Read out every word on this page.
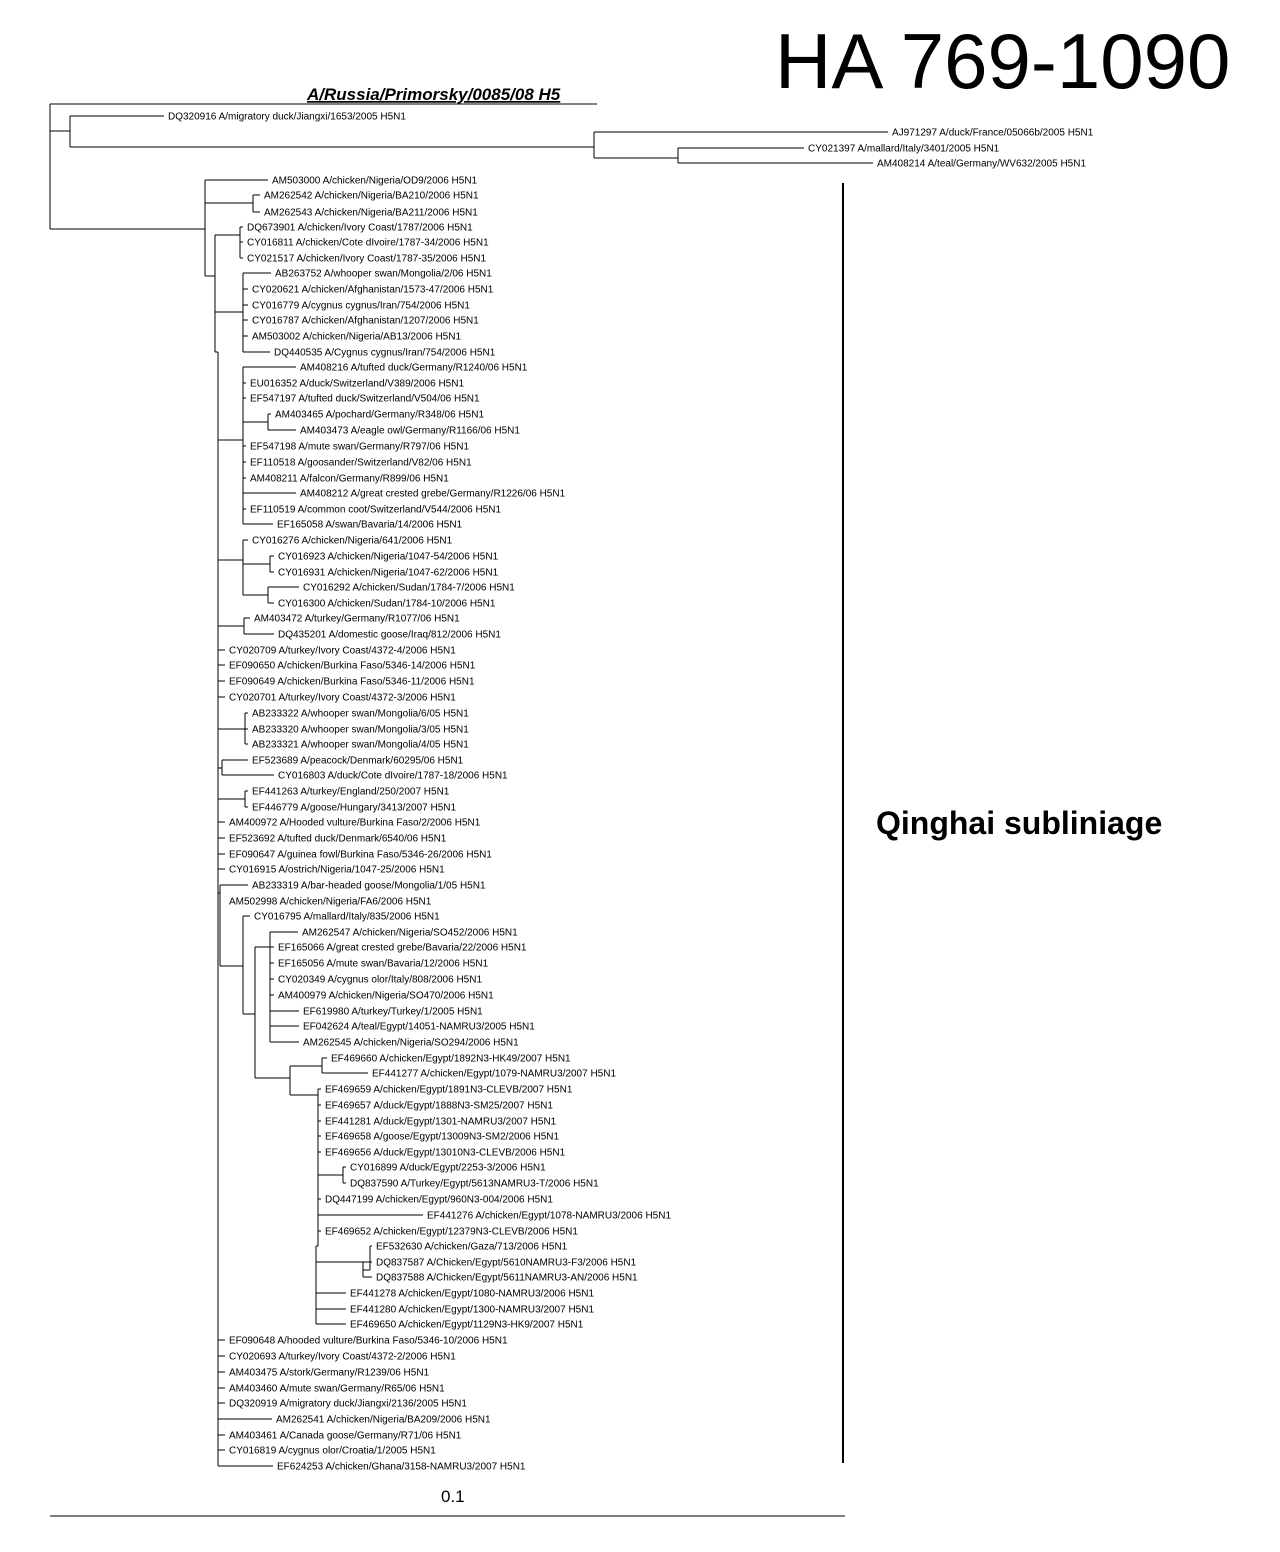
HA 769-1090
A/Russia/Primorsky/0085/08 H5
Qinghai subliniage
DQ320916 A/migratory duck/Jiangxi/1653/2005 H5N1
AJ971297 A/duck/France/05066b/2005 H5N1
CY021397 A/mallard/Italy/3401/2005 H5N1
AM408214 A/teal/Germany/WV632/2005 H5N1
AM503000 A/chicken/Nigeria/OD9/2006 H5N1
AM262542 A/chicken/Nigeria/BA210/2006 H5N1
AM262543 A/chicken/Nigeria/BA211/2006 H5N1
DQ673901 A/chicken/Ivory Coast/1787/2006 H5N1
CY016811 A/chicken/Cote dIvoire/1787-34/2006 H5N1
CY021517 A/chicken/Ivory Coast/1787-35/2006 H5N1
AB263752 A/whooper swan/Mongolia/2/06 H5N1
CY020621 A/chicken/Afghanistan/1573-47/2006 H5N1
CY016779 A/cygnus cygnus/Iran/754/2006 H5N1
CY016787 A/chicken/Afghanistan/1207/2006 H5N1
AM503002 A/chicken/Nigeria/AB13/2006 H5N1
DQ440535 A/Cygnus cygnus/Iran/754/2006 H5N1
AM408216 A/tufted duck/Germany/R1240/06 H5N1
EU016352 A/duck/Switzerland/V389/2006 H5N1
EF547197 A/tufted duck/Switzerland/V504/06 H5N1
AM403465 A/pochard/Germany/R348/06 H5N1
AM403473 A/eagle owl/Germany/R1166/06 H5N1
EF547198 A/mute swan/Germany/R797/06 H5N1
EF110518 A/goosander/Switzerland/V82/06 H5N1
AM408211 A/falcon/Germany/R899/06 H5N1
AM408212 A/great crested grebe/Germany/R1226/06 H5N1
EF110519 A/common coot/Switzerland/V544/2006 H5N1
EF165058 A/swan/Bavaria/14/2006 H5N1
CY016276 A/chicken/Nigeria/641/2006 H5N1
CY016923 A/chicken/Nigeria/1047-54/2006 H5N1
CY016931 A/chicken/Nigeria/1047-62/2006 H5N1
CY016292 A/chicken/Sudan/1784-7/2006 H5N1
CY016300 A/chicken/Sudan/1784-10/2006 H5N1
AM403472 A/turkey/Germany/R1077/06 H5N1
DQ435201 A/domestic goose/Iraq/812/2006 H5N1
CY020709 A/turkey/Ivory Coast/4372-4/2006 H5N1
EF090650 A/chicken/Burkina Faso/5346-14/2006 H5N1
EF090649 A/chicken/Burkina Faso/5346-11/2006 H5N1
CY020701 A/turkey/Ivory Coast/4372-3/2006 H5N1
AB233322 A/whooper swan/Mongolia/6/05 H5N1
AB233320 A/whooper swan/Mongolia/3/05 H5N1
AB233321 A/whooper swan/Mongolia/4/05 H5N1
EF523689 A/peacock/Denmark/60295/06 H5N1
CY016803 A/duck/Cote dIvoire/1787-18/2006 H5N1
EF441263 A/turkey/England/250/2007 H5N1
EF446779 A/goose/Hungary/3413/2007 H5N1
AM400972 A/Hooded vulture/Burkina Faso/2/2006 H5N1
EF523692 A/tufted duck/Denmark/6540/06 H5N1
EF090647 A/guinea fowl/Burkina Faso/5346-26/2006 H5N1
CY016915 A/ostrich/Nigeria/1047-25/2006 H5N1
AB233319 A/bar-headed goose/Mongolia/1/05 H5N1
AM502998 A/chicken/Nigeria/FA6/2006 H5N1
CY016795 A/mallard/Italy/835/2006 H5N1
AM262547 A/chicken/Nigeria/SO452/2006 H5N1
EF165066 A/great crested grebe/Bavaria/22/2006 H5N1
EF165056 A/mute swan/Bavaria/12/2006 H5N1
CY020349 A/cygnus olor/Italy/808/2006 H5N1
AM400979 A/chicken/Nigeria/SO470/2006 H5N1
EF619980 A/turkey/Turkey/1/2005 H5N1
EF042624 A/teal/Egypt/14051-NAMRU3/2005 H5N1
AM262545 A/chicken/Nigeria/SO294/2006 H5N1
EF469660 A/chicken/Egypt/1892N3-HK49/2007 H5N1
EF441277 A/chicken/Egypt/1079-NAMRU3/2007 H5N1
EF469659 A/chicken/Egypt/1891N3-CLEVB/2007 H5N1
EF469657 A/duck/Egypt/1888N3-SM25/2007 H5N1
EF441281 A/duck/Egypt/1301-NAMRU3/2007 H5N1
EF469658 A/goose/Egypt/13009N3-SM2/2006 H5N1
EF469656 A/duck/Egypt/13010N3-CLEVB/2006 H5N1
CY016899 A/duck/Egypt/2253-3/2006 H5N1
DQ837590 A/Turkey/Egypt/5613NAMRU3-T/2006 H5N1
DQ447199 A/chicken/Egypt/960N3-004/2006 H5N1
EF441276 A/chicken/Egypt/1078-NAMRU3/2006 H5N1
EF469652 A/chicken/Egypt/12379N3-CLEVB/2006 H5N1
EF532630 A/chicken/Gaza/713/2006 H5N1
DQ837587 A/Chicken/Egypt/5610NAMRU3-F3/2006 H5N1
DQ837588 A/Chicken/Egypt/5611NAMRU3-AN/2006 H5N1
EF441278 A/chicken/Egypt/1080-NAMRU3/2006 H5N1
EF441280 A/chicken/Egypt/1300-NAMRU3/2007 H5N1
EF469650 A/chicken/Egypt/1129N3-HK9/2007 H5N1
EF090648 A/hooded vulture/Burkina Faso/5346-10/2006 H5N1
CY020693 A/turkey/Ivory Coast/4372-2/2006 H5N1
AM403475 A/stork/Germany/R1239/06 H5N1
AM403460 A/mute swan/Germany/R65/06 H5N1
DQ320919 A/migratory duck/Jiangxi/2136/2005 H5N1
AM262541 A/chicken/Nigeria/BA209/2006 H5N1
AM403461 A/Canada goose/Germany/R71/06 H5N1
CY016819 A/cygnus olor/Croatia/1/2005 H5N1
EF624253 A/chicken/Ghana/3158-NAMRU3/2007 H5N1
0.1
